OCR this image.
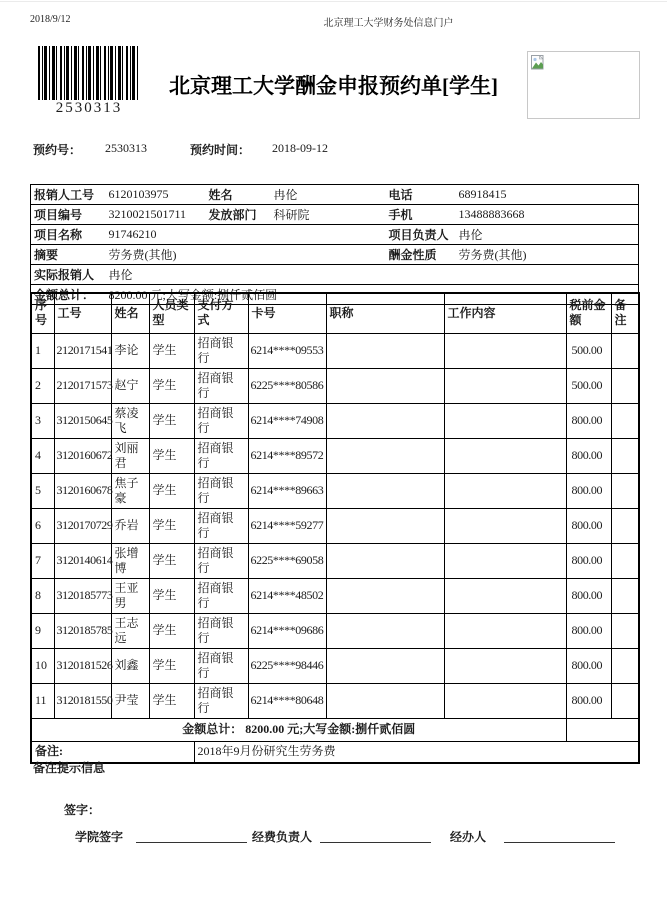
2018/9/12	北京理工大学财务处信息门户
2530313
北京理工大学酬金申报预约单[学生]
预约号： 2530313	预约时间： 2018-09-12
报销人工号	6120103975	姓名	冉伦	电话	68918415
项目编号	3210021501711	发放部门	科研院	手机	13488883668
项目名称	91746210			项目负责人	冉伦
摘要	劳务费(其他)			酬金性质	劳务费(其他)
实际报销人	冉伦				
金额总计：	8200.00 元;大写金额:捌仟贰佰圆				
序号	工号	姓名	人员类型	支付方式	卡号	职称	工作内容	税前金额	备注
1	2120171541	李论	学生	招商银行	6214****09553			500.00	
2	2120171573	赵宁	学生	招商银行	6225****80586			500.00	
3	3120150645	蔡凌飞	学生	招商银行	6214****74908			800.00	
4	3120160672	刘丽君	学生	招商银行	6214****89572			800.00	
5	3120160678	焦子豪	学生	招商银行	6214****89663			800.00	
6	3120170729	乔岩	学生	招商银行	6214****59277			800.00	
7	3120140614	张增博	学生	招商银行	6225****69058			800.00	
8	3120185773	王亚男	学生	招商银行	6214****48502			800.00	
9	3120185785	王志远	学生	招商银行	6214****09686			800.00	
10	3120181526	刘鑫	学生	招商银行	6225****98446			800.00	
11	3120181550	尹莹	学生	招商银行	6214****80648			800.00	
金额总计： 8200.00 元;大写金额:捌仟贰佰圆									
备注:				2018年9月份研究生劳务费					
备注提示信息
签字：
学院签字	经费负责人	经办人
